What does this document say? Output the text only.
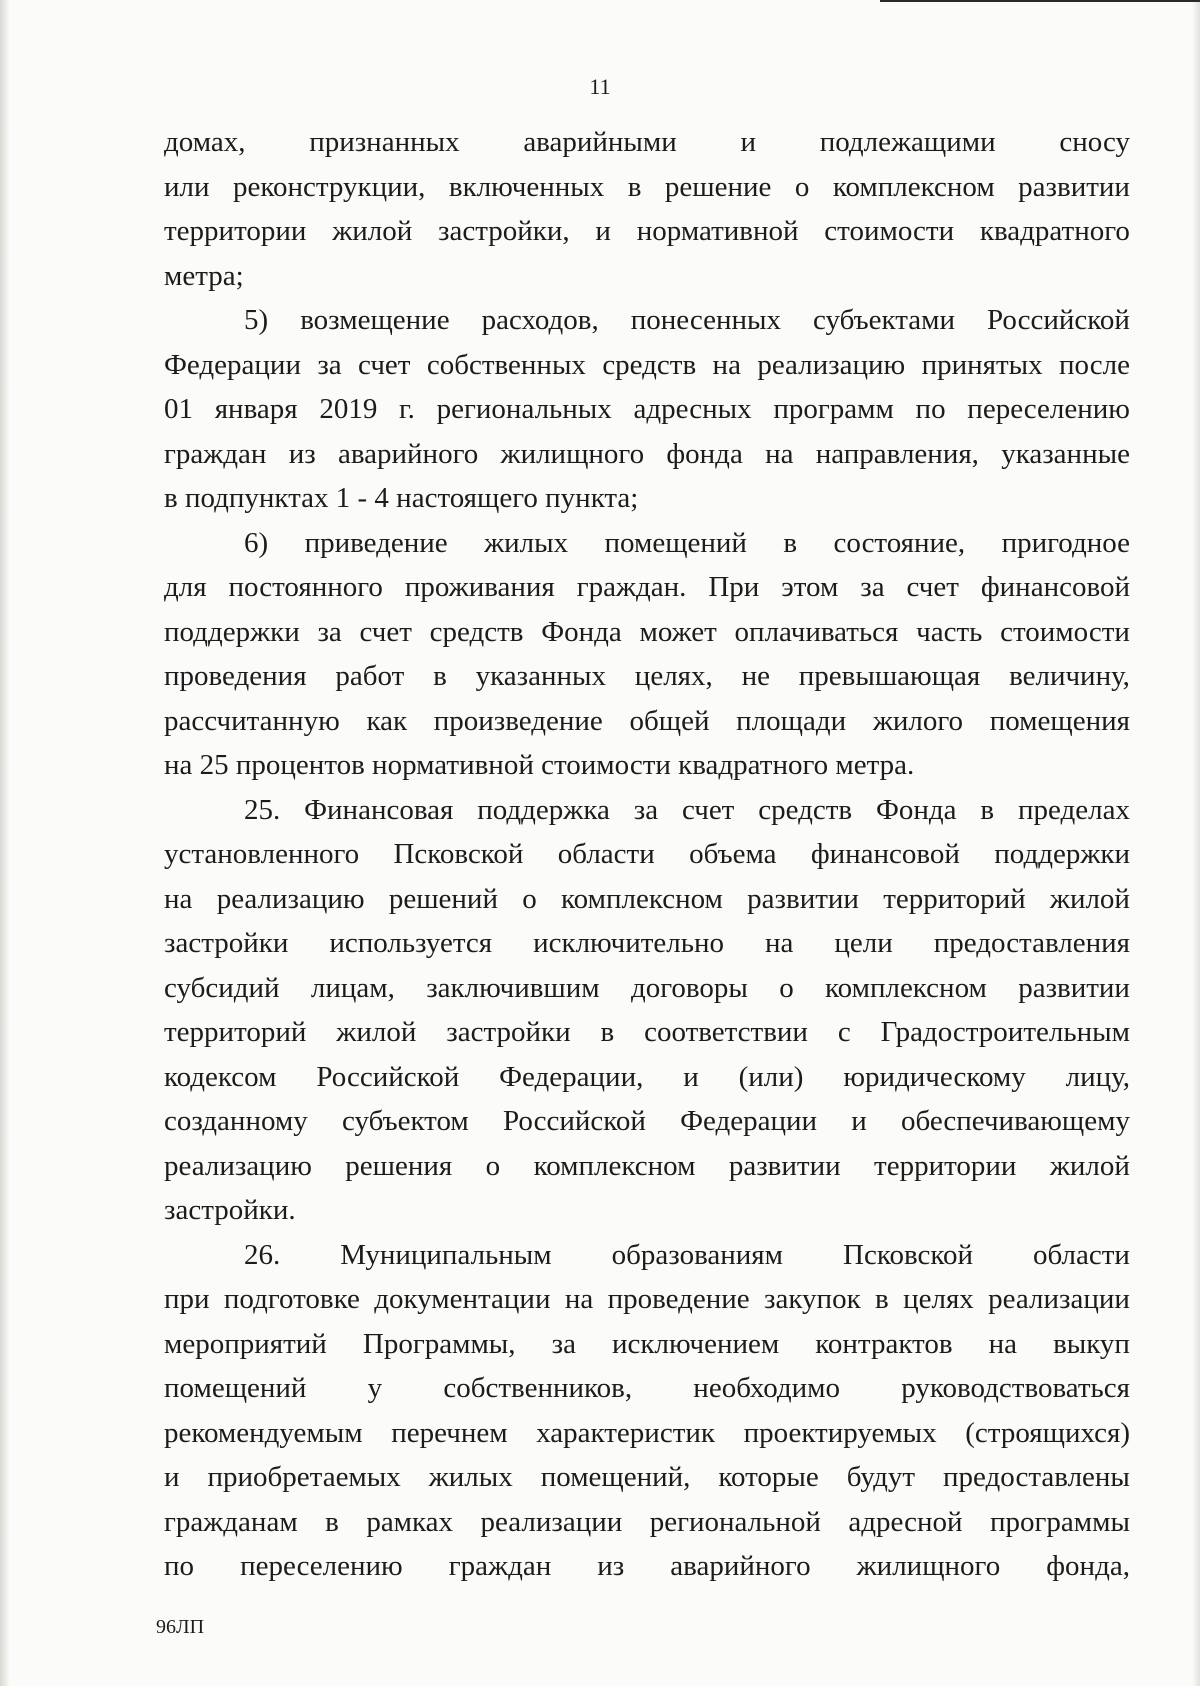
11
домах, признанных аварийными и подлежащими сносу
или реконструкции, включенных в решение о комплексном развитии
территории жилой застройки, и нормативной стоимости квадратного
метра;
5) возмещение расходов, понесенных субъектами Российской
Федерации за счет собственных средств на реализацию принятых после
01 января 2019 г. региональных адресных программ по переселению
граждан из аварийного жилищного фонда на направления, указанные
в подпунктах 1 - 4 настоящего пункта;
6) приведение жилых помещений в состояние, пригодное
для постоянного проживания граждан. При этом за счет финансовой
поддержки за счет средств Фонда может оплачиваться часть стоимости
проведения работ в указанных целях, не превышающая величину,
рассчитанную как произведение общей площади жилого помещения
на 25 процентов нормативной стоимости квадратного метра.
25. Финансовая поддержка за счет средств Фонда в пределах
установленного Псковской области объема финансовой поддержки
на реализацию решений о комплексном развитии территорий жилой
застройки используется исключительно на цели предоставления
субсидий лицам, заключившим договоры о комплексном развитии
территорий жилой застройки в соответствии с Градостроительным
кодексом Российской Федерации, и (или) юридическому лицу,
созданному субъектом Российской Федерации и обеспечивающему
реализацию решения о комплексном развитии территории жилой
застройки.
26. Муниципальным образованиям Псковской области
при подготовке документации на проведение закупок в целях реализации
мероприятий Программы, за исключением контрактов на выкуп
помещений у собственников, необходимо руководствоваться
рекомендуемым перечнем характеристик проектируемых (строящихся)
и приобретаемых жилых помещений, которые будут предоставлены
гражданам в рамках реализации региональной адресной программы
по переселению граждан из аварийного жилищного фонда,
96ЛП
